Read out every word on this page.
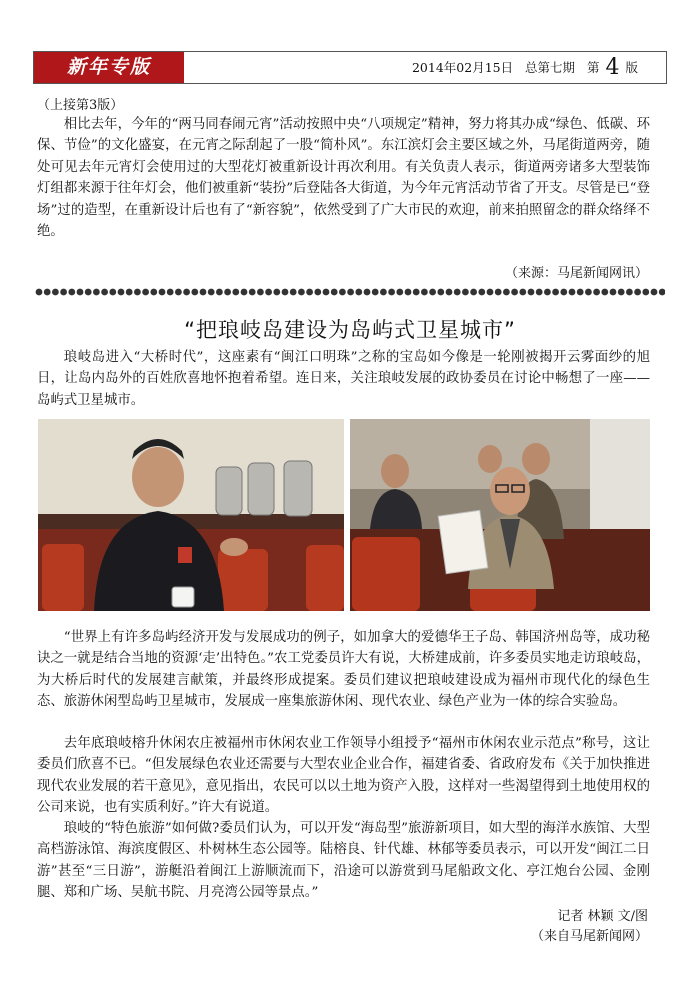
新年专版	2014年02月15日 总第七期 第 4 版
（上接第3版）

相比去年，今年的“两马同春闹元宵”活动按照中央“八项规定”精神，努力将其办成“绿色、低碳、环保、节俭”的文化盛宴，在元宵之际刮起了一股“简朴风”。东江滨灯会主要区域之外，马尾街道两旁，随处可见去年元宵灯会使用过的大型花灯被重新设计再次利用。有关负责人表示，街道两旁诸多大型装饰灯组都来源于往年灯会，他们被重新“装扮”后登陆各大街道，为今年元宵活动节省了开支。尽管是已“登场”过的造型，在重新设计后也有了“新容貌”，依然受到了广大市民的欢迎，前来拍照留念的群众络绎不绝。

（来源：马尾新闻网讯）
“把琅岐岛建设为岛屿式卫星城市”

琅岐岛进入“大桥时代”，这座素有“闽江口明珠”之称的宝岛如今像是一轮刚被揭开云雾面纱的旭日，让岛内岛外的百姓欣喜地怀抱着希望。连日来，关注琅岐发展的政协委员在讨论中畅想了一座——岛屿式卫星城市。

“世界上有许多岛屿经济开发与发展成功的例子，如加拿大的爱德华王子岛、韩国济州岛等，成功秘诀之一就是结合当地的资源‘走’出特色。”农工党委员许大有说，大桥建成前，许多委员实地走访琅岐岛，为大桥后时代的发展建言献策，并最终形成提案。委员们建议把琅岐建设成为福州市现代化的绿色生态、旅游休闲型岛屿卫星城市，发展成一座集旅游休闲、现代农业、绿色产业为一体的综合实验岛。

去年底琅岐榕升休闲农庄被福州市休闲农业工作领导小组授予“福州市休闲农业示范点”称号，这让委员们欣喜不已。“但发展绿色农业还需要与大型农业企业合作，福建省委、省政府发布《关于加快推进现代农业发展的若干意见》，意见指出，农民可以以土地为资产入股，这样对一些渴望得到土地使用权的公司来说，也有实质利好。”许大有说道。

琅岐的“特色旅游”如何做?委员们认为，可以开发“海岛型”旅游新项目，如大型的海洋水族馆、大型高档游泳馆、海滨度假区、朴树林生态公园等。陆榕良、针代雄、林郁等委员表示，可以开发“闽江二日游”甚至“三日游”，游艇沿着闽江上游顺流而下，沿途可以游赏到马尾船政文化、亭江炮台公园、金刚腿、郑和广场、吴航书院、月亮湾公园等景点。”

记者 林颖 文/图
（来自马尾新闻网）
